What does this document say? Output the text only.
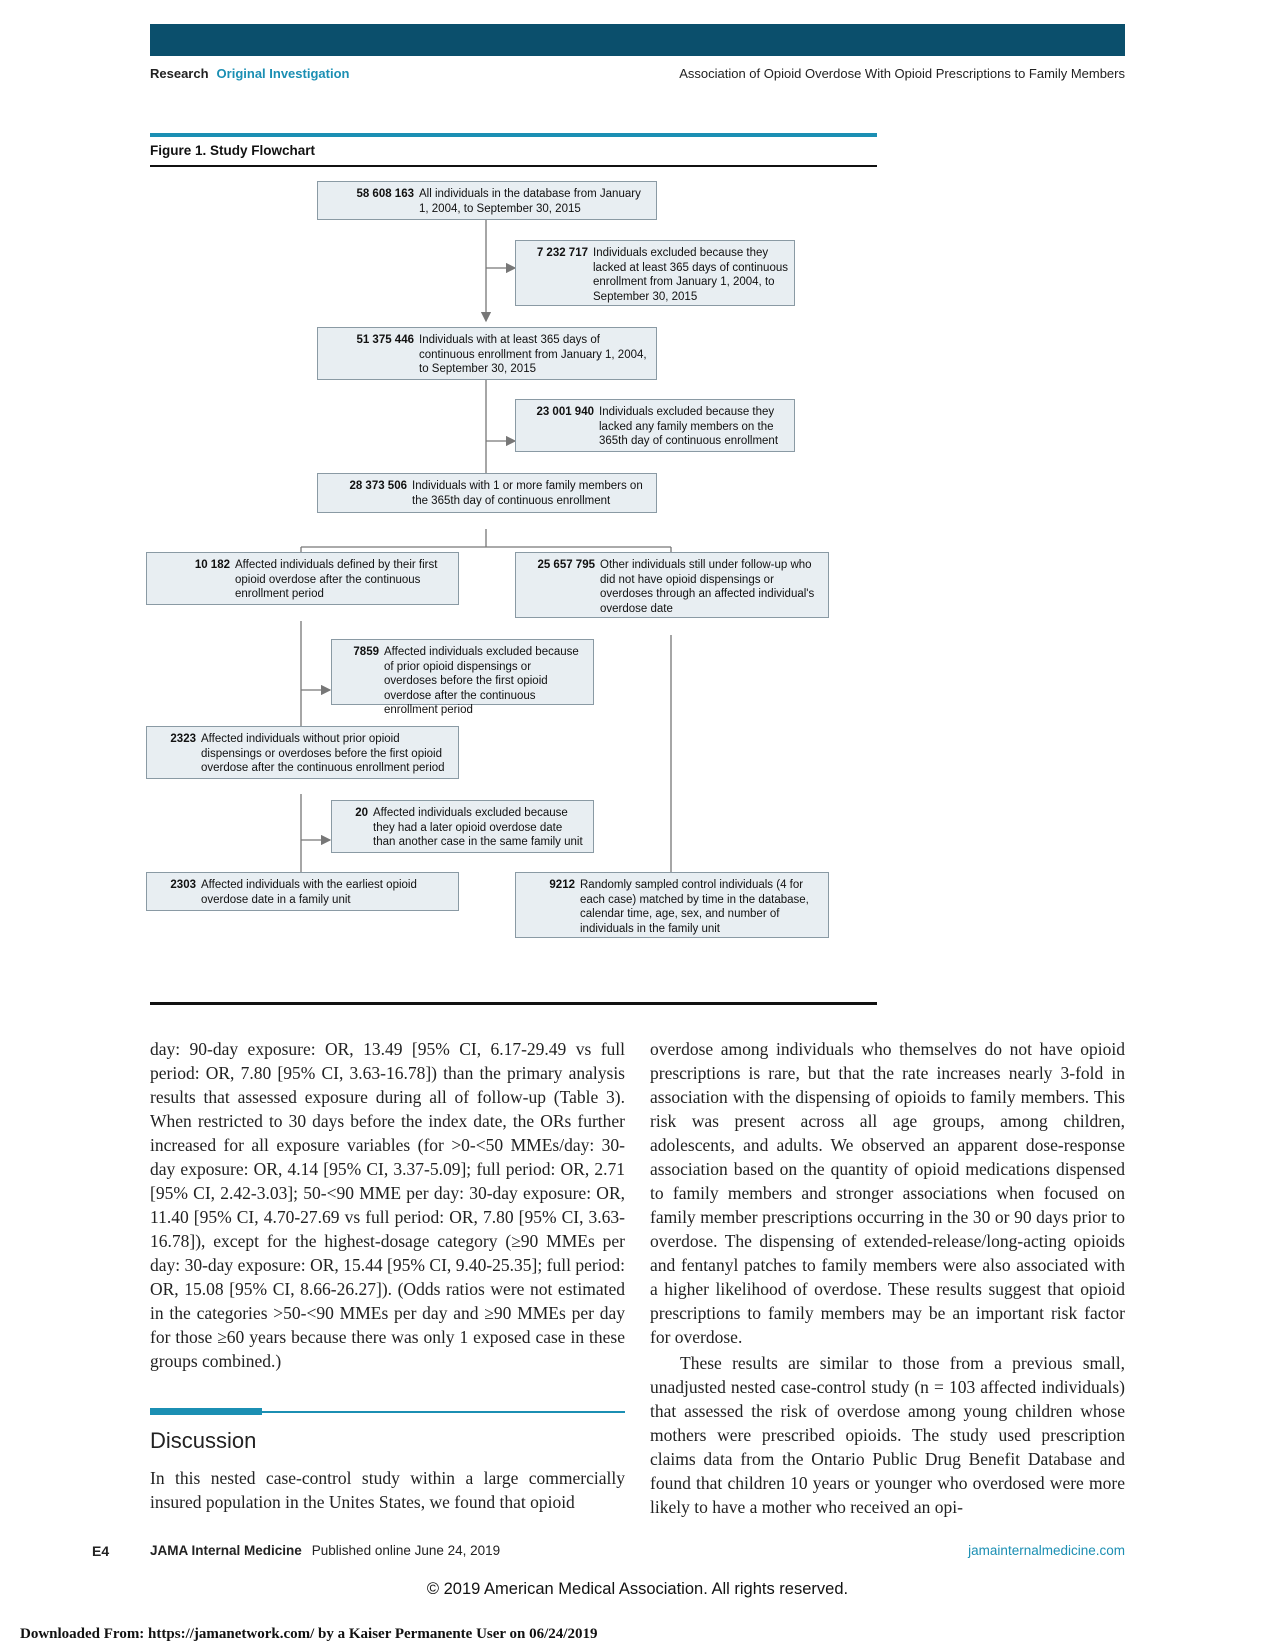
Research Original Investigation	Association of Opioid Overdose With Opioid Prescriptions to Family Members
Figure 1. Study Flowchart
58 608 163 All individuals in the database from January 1, 2004, to September 30, 2015
7 232 717 Individuals excluded because they lacked at least 365 days of continuous enrollment from January 1, 2004, to September 30, 2015
51 375 446 Individuals with at least 365 days of continuous enrollment from January 1, 2004, to September 30, 2015
23 001 940 Individuals excluded because they lacked any family members on the 365th day of continuous enrollment
28 373 506 Individuals with 1 or more family members on the 365th day of continuous enrollment
10 182 Affected individuals defined by their first opioid overdose after the continuous enrollment period
25 657 795 Other individuals still under follow-up who did not have opioid dispensings or overdoses through an affected individual's overdose date
7859 Affected individuals excluded because of prior opioid dispensings or overdoses before the first opioid overdose after the continuous enrollment period
2323 Affected individuals without prior opioid dispensings or overdoses before the first opioid overdose after the continuous enrollment period
20 Affected individuals excluded because they had a later opioid overdose date than another case in the same family unit
2303 Affected individuals with the earliest opioid overdose date in a family unit
9212 Randomly sampled control individuals (4 for each case) matched by time in the database, calendar time, age, sex, and number of individuals in the family unit

day: 90-day exposure: OR, 13.49 [95% CI, 6.17-29.49 vs full period: OR, 7.80 [95% CI, 3.63-16.78]) than the primary analysis results that assessed exposure during all of follow-up (Table 3). When restricted to 30 days before the index date, the ORs further increased for all exposure variables (for >0-<50 MMEs/day: 30-day exposure: OR, 4.14 [95% CI, 3.37-5.09]; full period: OR, 2.71 [95% CI, 2.42-3.03]; 50-<90 MME per day: 30-day exposure: OR, 11.40 [95% CI, 4.70-27.69 vs full period: OR, 7.80 [95% CI, 3.63-16.78]), except for the highest-dosage category (≥90 MMEs per day: 30-day exposure: OR, 15.44 [95% CI, 9.40-25.35]; full period: OR, 15.08 [95% CI, 8.66-26.27]). (Odds ratios were not estimated in the categories >50-<90 MMEs per day and ≥90 MMEs per day for those ≥60 years because there was only 1 exposed case in these groups combined.)

Discussion
In this nested case-control study within a large commercially insured population in the Unites States, we found that opioid

overdose among individuals who themselves do not have opioid prescriptions is rare, but that the rate increases nearly 3-fold in association with the dispensing of opioids to family members. This risk was present across all age groups, among children, adolescents, and adults. We observed an apparent dose-response association based on the quantity of opioid medications dispensed to family members and stronger associations when focused on family member prescriptions occurring in the 30 or 90 days prior to overdose. The dispensing of extended-release/long-acting opioids and fentanyl patches to family members were also associated with a higher likelihood of overdose. These results suggest that opioid prescriptions to family members may be an important risk factor for overdose.

These results are similar to those from a previous small, unadjusted nested case-control study (n = 103 affected individuals) that assessed the risk of overdose among young children whose mothers were prescribed opioids. The study used prescription claims data from the Ontario Public Drug Benefit Database and found that children 10 years or younger who overdosed were more likely to have a mother who received an opi-

E4	JAMA Internal Medicine Published online June 24, 2019	jamainternalmedicine.com
© 2019 American Medical Association. All rights reserved.
Downloaded From: https://jamanetwork.com/ by a Kaiser Permanente User on 06/24/2019
